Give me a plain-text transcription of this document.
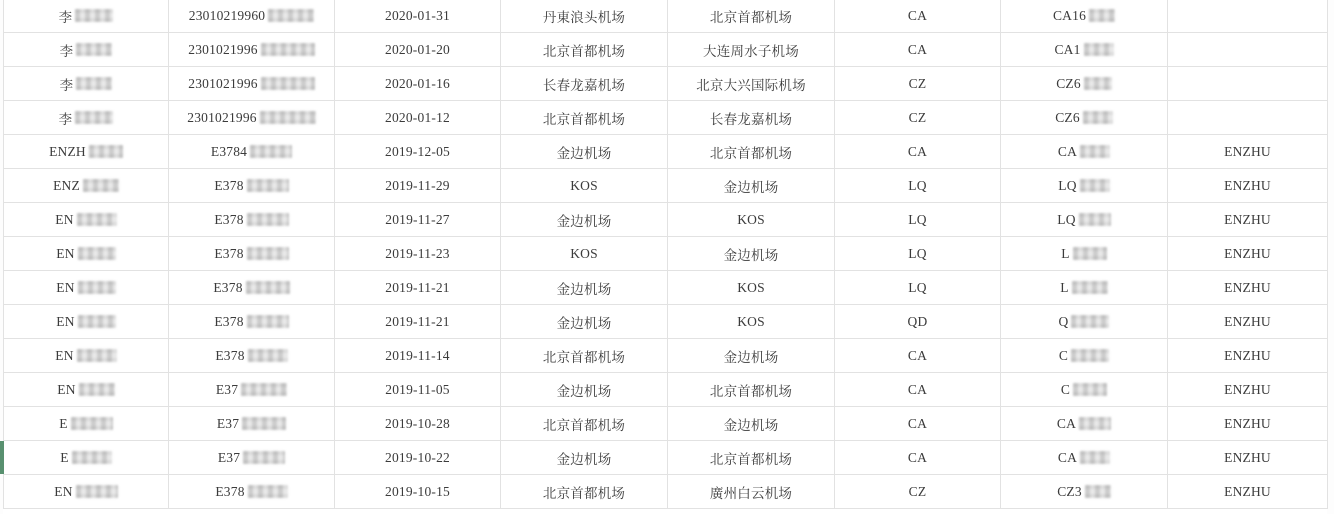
李	23010219960	2020-01-31	丹東浪头机场	北京首都机场	CA	CA16
李	2301021996	2020-01-20	北京首都机场	大连周水子机场	CA	CA1
李	2301021996	2020-01-16	长春龙嘉机场	北京大兴国际机场	CZ	CZ6
李	2301021996	2020-01-12	北京首都机场	长春龙嘉机场	CZ	CZ6
ENZH	E3784	2019-12-05	金边机场	北京首都机场	CA	CA	ENZHU
ENZ	E378	2019-11-29	KOS	金边机场	LQ	LQ	ENZHU
EN	E378	2019-11-27	金边机场	KOS	LQ	LQ	ENZHU
EN	E378	2019-11-23	KOS	金边机场	LQ	L	ENZHU
EN	E378	2019-11-21	金边机场	KOS	LQ	L	ENZHU
EN	E378	2019-11-21	金边机场	KOS	QD	Q	ENZHU
EN	E378	2019-11-14	北京首都机场	金边机场	CA	C	ENZHU
EN	E37	2019-11-05	金边机场	北京首都机场	CA	C	ENZHU
E	E37	2019-10-28	北京首都机场	金边机场	CA	CA	ENZHU
E	E37	2019-10-22	金边机场	北京首都机场	CA	CA	ENZHU
EN	E378	2019-10-15	北京首都机场	廣州白云机场	CZ	CZ3	ENZHU
